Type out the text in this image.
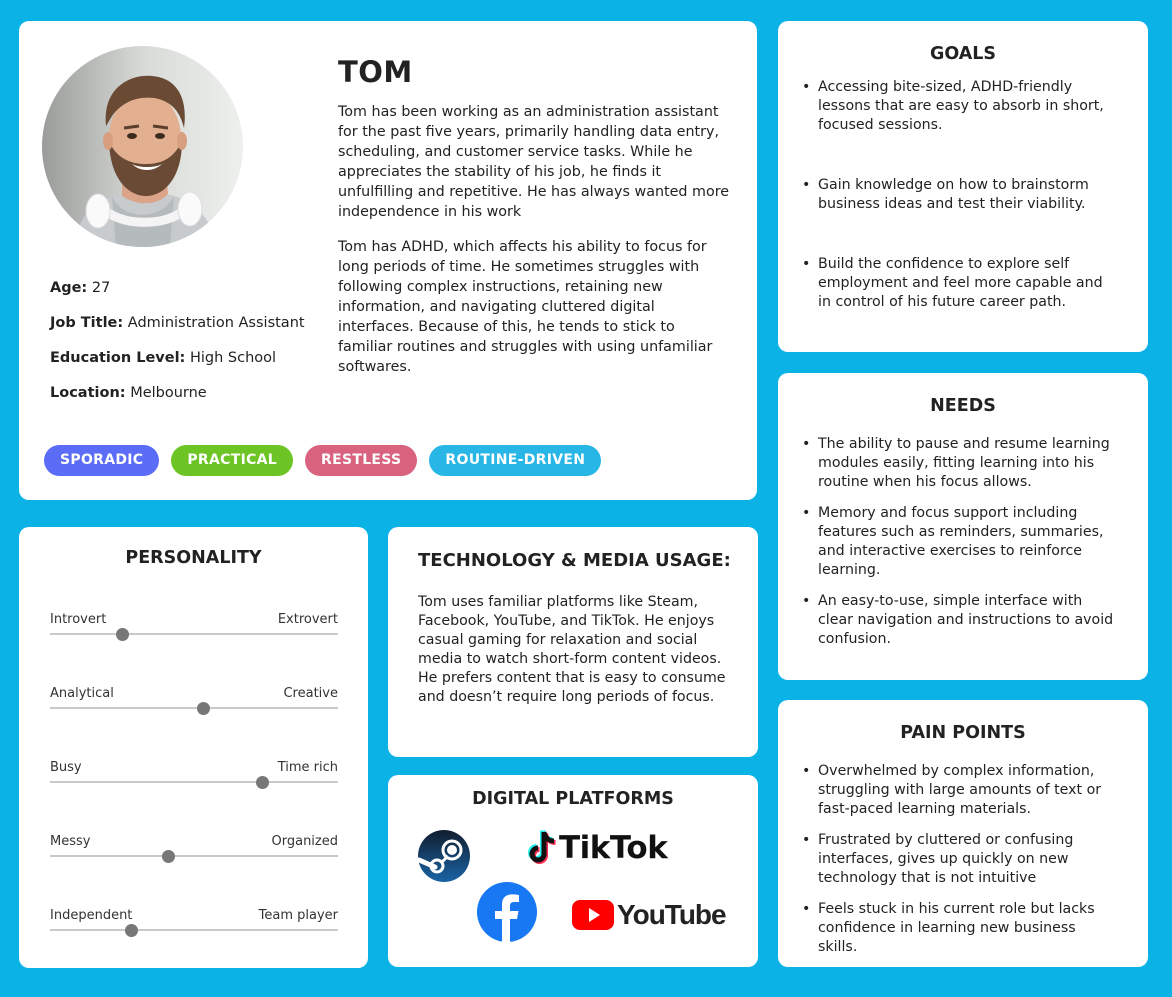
Age: 27
Job Title: Administration Assistant
Education Level: High School
Location: Melbourne
TOM

Tom has been working as an administration assistant for the past five years, primarily handling data entry, scheduling, and customer service tasks. While he appreciates the stability of his job, he finds it unfulfilling and repetitive. He has always wanted more independence in his work

Tom has ADHD, which affects his ability to focus for long periods of time. He sometimes struggles with following complex instructions, retaining new information, and navigating cluttered digital interfaces. Because of this, he tends to stick to familiar routines and struggles with using unfamiliar softwares.

SPORADIC	PRACTICAL	RESTLESS	ROUTINE-DRIVEN
GOALS
• Accessing bite-sized, ADHD-friendly lessons that are easy to absorb in short, focused sessions.
• Gain knowledge on how to brainstorm business ideas and test their viability.
• Build the confidence to explore self employment and feel more capable and in control of his future career path.
NEEDS
• The ability to pause and resume learning modules easily, fitting learning into his routine when his focus allows.
• Memory and focus support including features such as reminders, summaries, and interactive exercises to reinforce learning.
• An easy-to-use, simple interface with clear navigation and instructions to avoid confusion.
PAIN POINTS
• Overwhelmed by complex information, struggling with large amounts of text or fast-paced learning materials.
• Frustrated by cluttered or confusing interfaces, gives up quickly on new technology that is not intuitive
• Feels stuck in his current role but lacks confidence in learning new business skills.
PERSONALITY
Introvert	Extrovert
Analytical	Creative
Busy	Time rich
Messy	Organized
Independent	Team player
TECHNOLOGY & MEDIA USAGE:

Tom uses familiar platforms like Steam, Facebook, YouTube, and TikTok. He enjoys casual gaming for relaxation and social media to watch short-form content videos. He prefers content that is easy to consume and doesn’t require long periods of focus.

DIGITAL PLATFORMS
TikTok
YouTube
